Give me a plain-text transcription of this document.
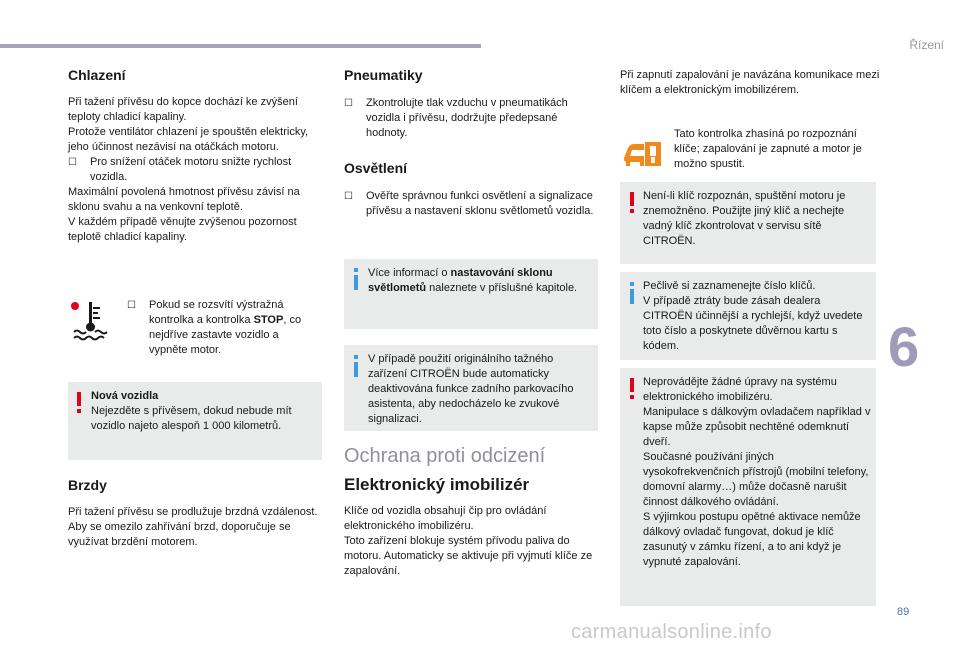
Řízení
6
89
carmanualsonline.info
Chlazení

Při tažení přívěsu do kopce dochází ke zvýšení teploty chladicí kapaliny.

Protože ventilátor chlazení je spouštěn elektricky, jeho účinnost nezávisí na otáčkách motoru.

☐ Pro snížení otáček motoru snižte rychlost vozidla.

Maximální povolená hmotnost přívěsu závisí na sklonu svahu a na venkovní teplotě.

V každém případě věnujte zvýšenou pozornost teplotě chladicí kapaliny.

☐ Pokud se rozsvítí výstražná kontrolka a kontrolka STOP, co nejdříve zastavte vozidlo a vypněte motor.
Nová vozidla
Nejezděte s přívěsem, dokud nebude mít vozidlo najeto alespoň 1 000 kilometrů.
Brzdy

Při tažení přívěsu se prodlužuje brzdná vzdálenost.

Aby se omezilo zahřívání brzd, doporučuje se využívat brzdění motorem.

Pneumatiky
☐ Zkontrolujte tlak vzduchu v pneumatikách vozidla i přívěsu, dodržujte předepsané hodnoty.
Osvětlení
☐ Ověřte správnou funkci osvětlení a signalizace přívěsu a nastavení sklonu světlometů vozidla.
Více informací o nastavování sklonu světlometů naleznete v příslušné kapitole.
V případě použití originálního tažného zařízení CITROËN bude automaticky deaktivována funkce zadního parkovacího asistenta, aby nedocházelo ke zvukové signalizaci.
Ochrana proti odcizení
Elektronický imobilizér

Klíče od vozidla obsahují čip pro ovládání elektronického imobilizéru.

Toto zařízení blokuje systém přívodu paliva do motoru. Automaticky se aktivuje při vyjmutí klíče ze zapalování.

Při zapnutí zapalování je navázána komunikace mezi klíčem a elektronickým imobilizérem.
Tato kontrolka zhasíná po rozpoznání klíče; zapalování je zapnuté a motor je možno spustit.
Není-li klíč rozpoznán, spuštění motoru je znemožněno. Použijte jiný klíč a nechejte vadný klíč zkontrolovat v servisu sítě CITROËN.
Pečlivě si zaznamenejte číslo klíčů.
V případě ztráty bude zásah dealera CITROËN účinnější a rychlejší, když uvedete toto číslo a poskytnete důvěrnou kartu s kódem.
Neprovádějte žádné úpravy na systému elektronického imobilizéru.
Manipulace s dálkovým ovladačem například v kapse může způsobit nechtěné odemknutí dveří.
Současné používání jiných vysokofrekvenčních přístrojů (mobilní telefony, domovní alarmy…) může dočasně narušit činnost dálkového ovládání.
S výjimkou postupu opětné aktivace nemůže dálkový ovladač fungovat, dokud je klíč zasunutý v zámku řízení, a to ani když je vypnuté zapalování.
